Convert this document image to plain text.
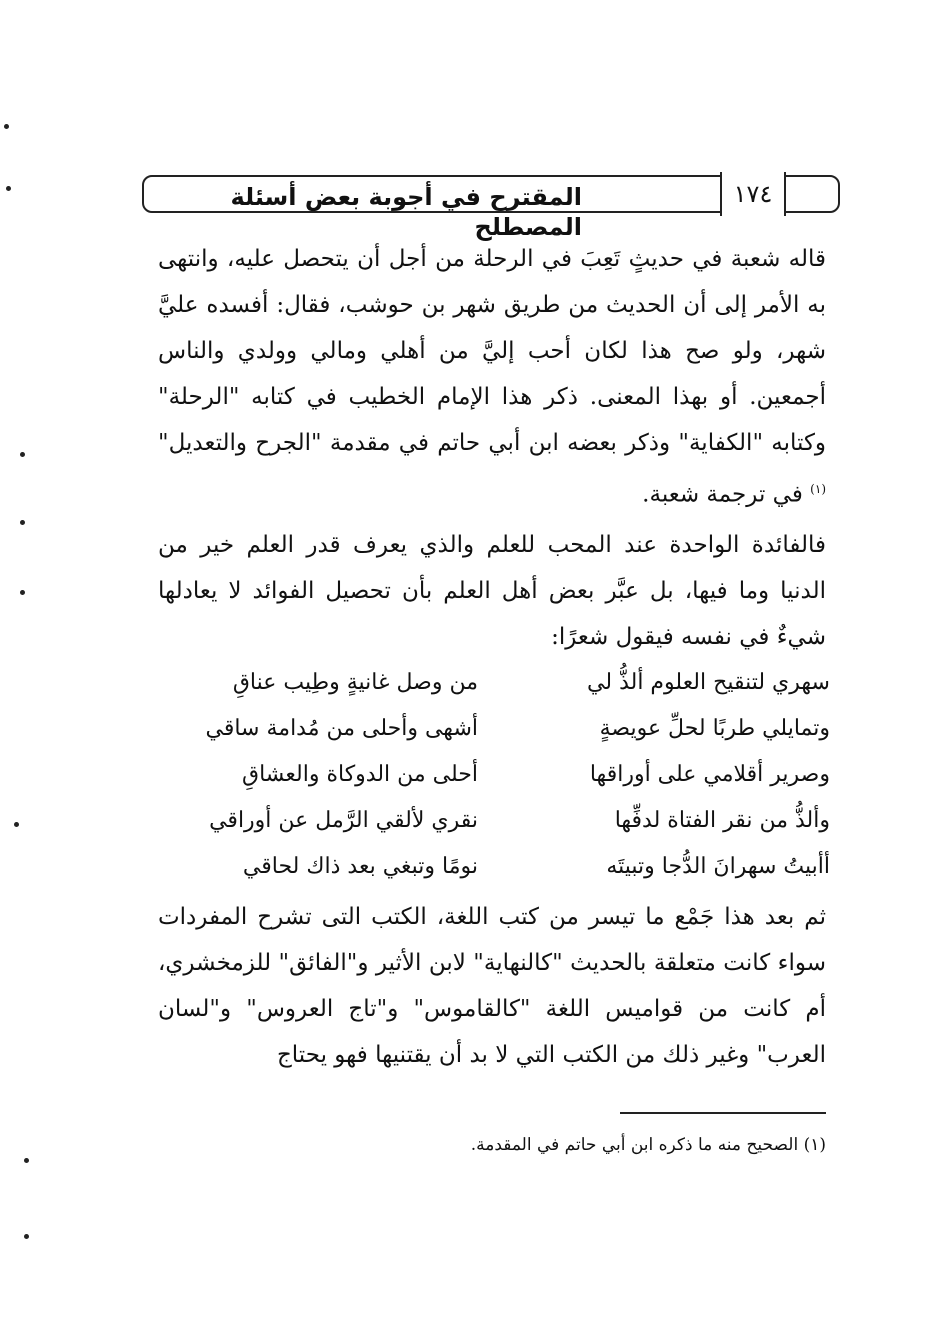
المقترح في أجوبة بعض أسئلة المصطلح
١٧٤
قاله شعبة في حديثٍ تَعِبَ في الرحلة من أجل أن يتحصل عليه، وانتهى به الأمر إلى أن الحديث من طريق شهر بن حوشب، فقال: أفسده عليَّ شهر، ولو صح هذا لكان أحب إليَّ من أهلي ومالي وولدي والناس أجمعين. أو بهذا المعنى. ذكر هذا الإمام الخطيب في كتابه "الرحلة" وكتابه "الكفاية" وذكر بعضه ابن أبي حاتم في مقدمة "الجرح والتعديل"$^{(١)}$ في ترجمة شعبة.
فالفائدة الواحدة عند المحب للعلم والذي يعرف قدر العلم خير من الدنيا وما فيها، بل عبَّر بعض أهل العلم بأن تحصيل الفوائد لا يعادلها شيءٌ في نفسه فيقول شعرًا:
سهري لتنقيح العلوم ألذُّ لي
من وصل غانيةٍ وطِيب عناقِ
وتمايلي طربًا لحلِّ عويصةٍ
أشهى وأحلى من مُدامة ساقي
وصرير أقلامي على أوراقها
أحلى من الدوكاة والعشاقِ
وألذُّ من نقر الفتاة لدفِّها
نقري لألقي الرَّمل عن أوراقي
أأبيتُ سهرانَ الدُّجا وتبيتَه
نومًا وتبغي بعد ذاك لحاقي
ثم بعد هذا جَمْع ما تيسر من كتب اللغة، الكتب التى تشرح المفردات سواء كانت متعلقة بالحديث "كالنهاية" لابن الأثير و"الفائق" للزمخشري، أم كانت من قواميس اللغة "كالقاموس" و"تاج العروس" و"لسان العرب" وغير ذلك من الكتب التي لا بد أن يقتنيها فهو يحتاج
(١) الصحيح منه ما ذكره ابن أبي حاتم في المقدمة.
